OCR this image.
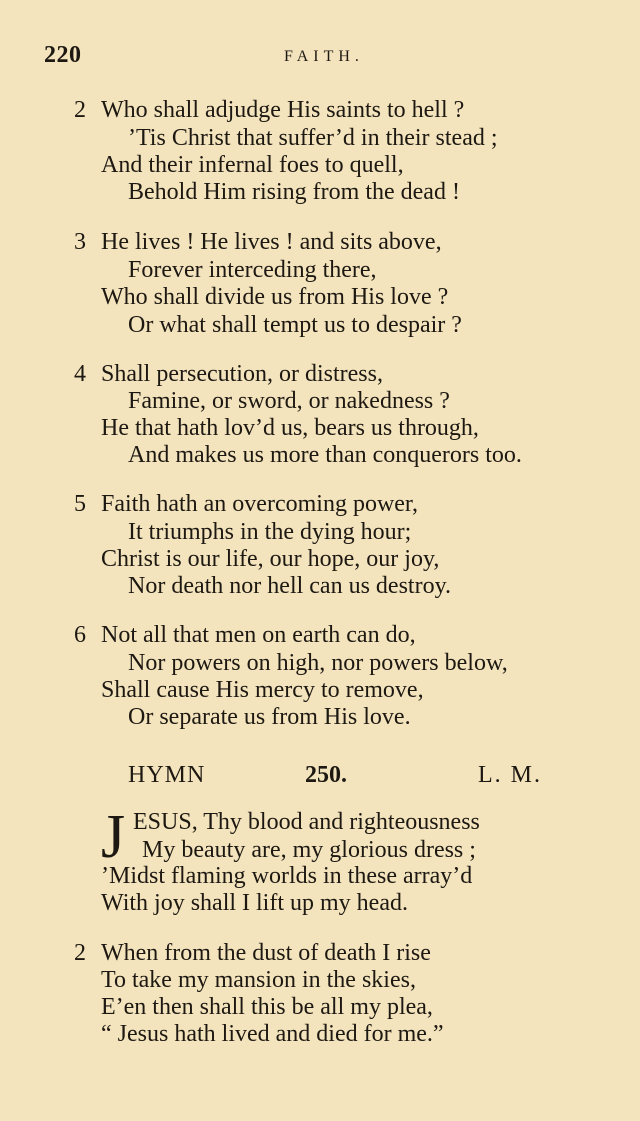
220	FAITH.
2 Who shall adjudge His saints to hell ?
’Tis Christ that suffer’d in their stead ;
And their infernal foes to quell,
Behold Him rising from the dead !
3 He lives ! He lives ! and sits above,
Forever interceding there,
Who shall divide us from His love ?
Or what shall tempt us to despair ?
4 Shall persecution, or distress,
Famine, or sword, or nakedness ?
He that hath lov’d us, bears us through,
And makes us more than conquerors too.
5 Faith hath an overcoming power,
It triumphs in the dying hour;
Christ is our life, our hope, our joy,
Nor death nor hell can us destroy.
6 Not all that men on earth can do,
Nor powers on high, nor powers below,
Shall cause His mercy to remove,
Or separate us from His love.
HYMN	250.	L. M.
J ESUS, Thy blood and righteousness
My beauty are, my glorious dress ;
’Midst flaming worlds in these array’d
With joy shall I lift up my head.
2 When from the dust of death I rise
To take my mansion in the skies,
E’en then shall this be all my plea,
“ Jesus hath lived and died for me.”
